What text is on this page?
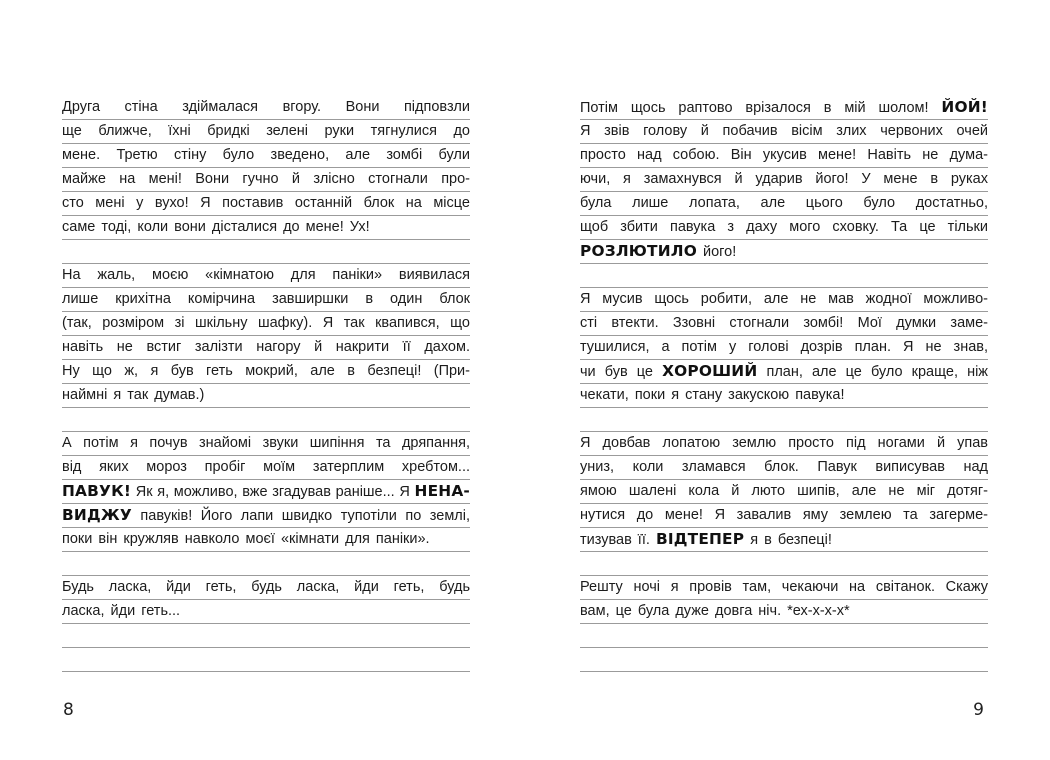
Друга стіна здіймалася вгору. Вони підповзли
ще ближче, їхні бридкі зелені руки тягнулися до
мене. Третю стіну було зведено, але зомбі були
майже на мені! Вони гучно й злісно стогнали про-
сто мені у вухо! Я поставив останній блок на місце
саме тоді, коли вони дісталися до мене! Ух!
На жаль, моєю «кімнатою для паніки» виявилася
лише крихітна комірчина завширшки в один блок
(так, розміром зі шкільну шафку). Я так квапився, що
навіть не встиг залізти нагору й накрити її дахом.
Ну що ж, я був геть мокрий, але в безпеці! (При-
наймні я так думав.)
А потім я почув знайомі звуки шипіння та дряпання,
від яких мороз пробіг моїм затерплим хребтом...
ПАВУК! Як я, можливо, вже згадував раніше... Я НЕНА-
ВИДЖУ павуків! Його лапи швидко тупотіли по землі,
поки він кружляв навколо моєї «кімнати для паніки».
Будь ласка, йди геть, будь ласка, йди геть, будь
ласка, йди геть...
Потім щось раптово врізалося в мій шолом! ЙОЙ!
Я звів голову й побачив вісім злих червоних очей
просто над собою. Він укусив мене! Навіть не дума-
ючи, я замахнувся й ударив його! У мене в руках
була лише лопата, але цього було достатньо,
щоб збити павука з даху мого сховку. Та це тільки
РОЗЛЮТИЛО його!
Я мусив щось робити, але не мав жодної можливо-
сті втекти. Ззовні стогнали зомбі! Мої думки заме-
тушилися, а потім у голові дозрів план. Я не знав,
чи був це ХОРОШИЙ план, але це було краще, ніж
чекати, поки я стану закускою павука!
Я довбав лопатою землю просто під ногами й упав
униз, коли зламався блок. Павук виписував над
ямою шалені кола й люто шипів, але не міг дотяг-
нутися до мене! Я завалив яму землею та загерме-
тизував її. ВІДТЕПЕР я в безпеці!
Решту ночі я провів там, чекаючи на світанок. Скажу
вам, це була дуже довга ніч. *ех-х-х-х*
8	9
